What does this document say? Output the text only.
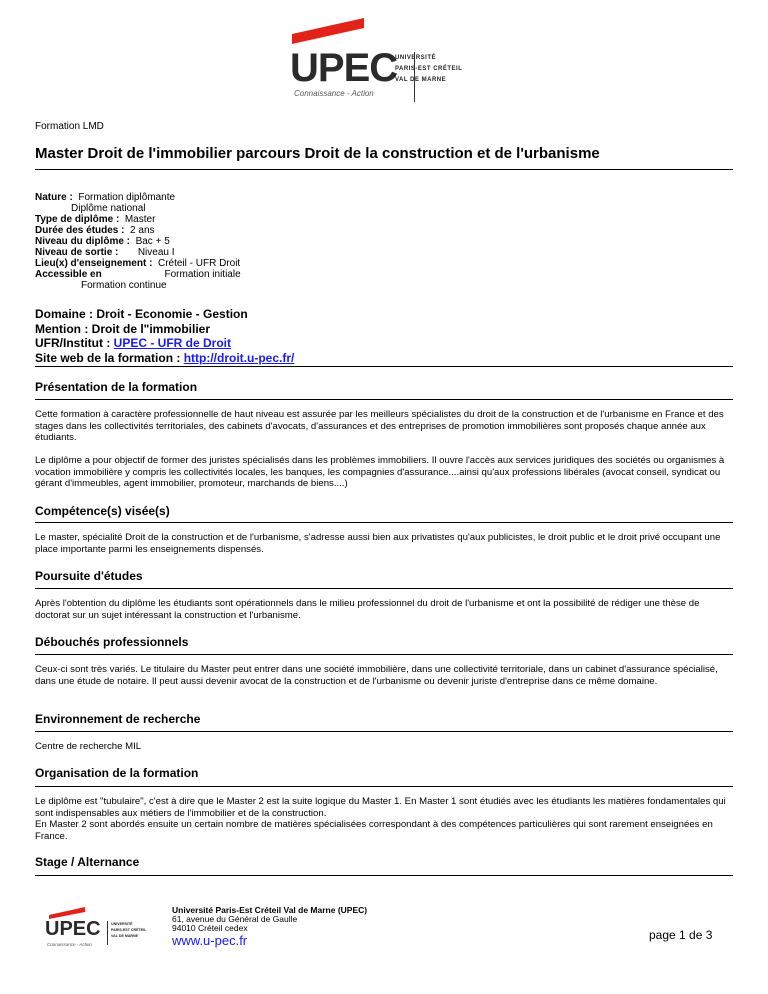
UPEC
Connaissance - Action
UNIVERSITÉ
PARIS-EST CRÉTEIL
VAL DE MARNE
Formation LMD
Master Droit de l'immobilier parcours Droit de la construction et de l'urbanisme
Nature : Formation diplômante
Diplôme national
Type de diplôme : Master
Durée des études : 2 ans
Niveau du diplôme : Bac + 5
Niveau de sortie : Niveau I
Lieu(x) d'enseignement : Créteil - UFR Droit
Accessible en	Formation initiale
Formation continue
Domaine : Droit - Economie - Gestion
Mention : Droit de l"immobilier
UFR/Institut : UPEC - UFR de Droit
Site web de la formation : http://droit.u-pec.fr/
Présentation de la formation
Cette formation à caractère professionnelle de haut niveau est assurée par les meilleurs spécialistes du droit de la construction et de l'urbanisme en France et des stages dans les collectivités territoriales, des cabinets d'avocats, d'assurances et des entreprises de promotion immobilières sont proposés chaque année aux étudiants.
Le diplôme a pour objectif de former des juristes spécialisés dans les problèmes immobiliers. Il ouvre l'accès aux services juridiques des sociétés ou organismes à vocation immobilière y compris les collectivités locales, les banques, les compagnies d'assurance....ainsi qu'aux professions libérales (avocat conseil, syndicat ou gérant d'immeubles, agent immobilier, promoteur, marchands de biens....)
Compétence(s) visée(s)
Le master, spécialité Droit de la construction et de l'urbanisme, s'adresse aussi bien aux privatistes qu'aux publicistes, le droit public et le droit privé occupant une place importante parmi les enseignements dispensés.
Poursuite d'études
Après l'obtention du diplôme les étudiants sont opérationnels dans le milieu professionnel du droit de l'urbanisme et ont la possibilité de rédiger une thèse de doctorat sur un sujet intéressant la construction et l'urbanisme.
Débouchés professionnels
Ceux-ci sont très variés. Le titulaire du Master peut entrer dans une société immobilière, dans une collectivité territoriale, dans un cabinet d'assurance spécialisé, dans une étude de notaire. Il peut aussi devenir avocat de la construction et de l'urbanisme ou devenir juriste d'entreprise dans ce même domaine.
Environnement de recherche
Centre de recherche MIL
Organisation de la formation
Le diplôme est "tubulaire", c'est à dire que le Master 2 est la suite logique du Master 1. En Master 1 sont étudiés avec les étudiants les matières fondamentales qui sont indispensables aux métiers de l'immobilier et de la construction.
En Master 2 sont abordés ensuite un certain nombre de matières spécialisées correspondant à des compétences particulières qui sont rarement enseignées en France.
Stage / Alternance
UPEC	UNIVERSITÉ
PARIS-EST CRÉTEIL
VAL DE MARNE
Connaissance - Action
Université Paris-Est Créteil Val de Marne (UPEC)
61, avenue du Général de Gaulle
94010 Créteil cedex
www.u-pec.fr	page 1 de 3
